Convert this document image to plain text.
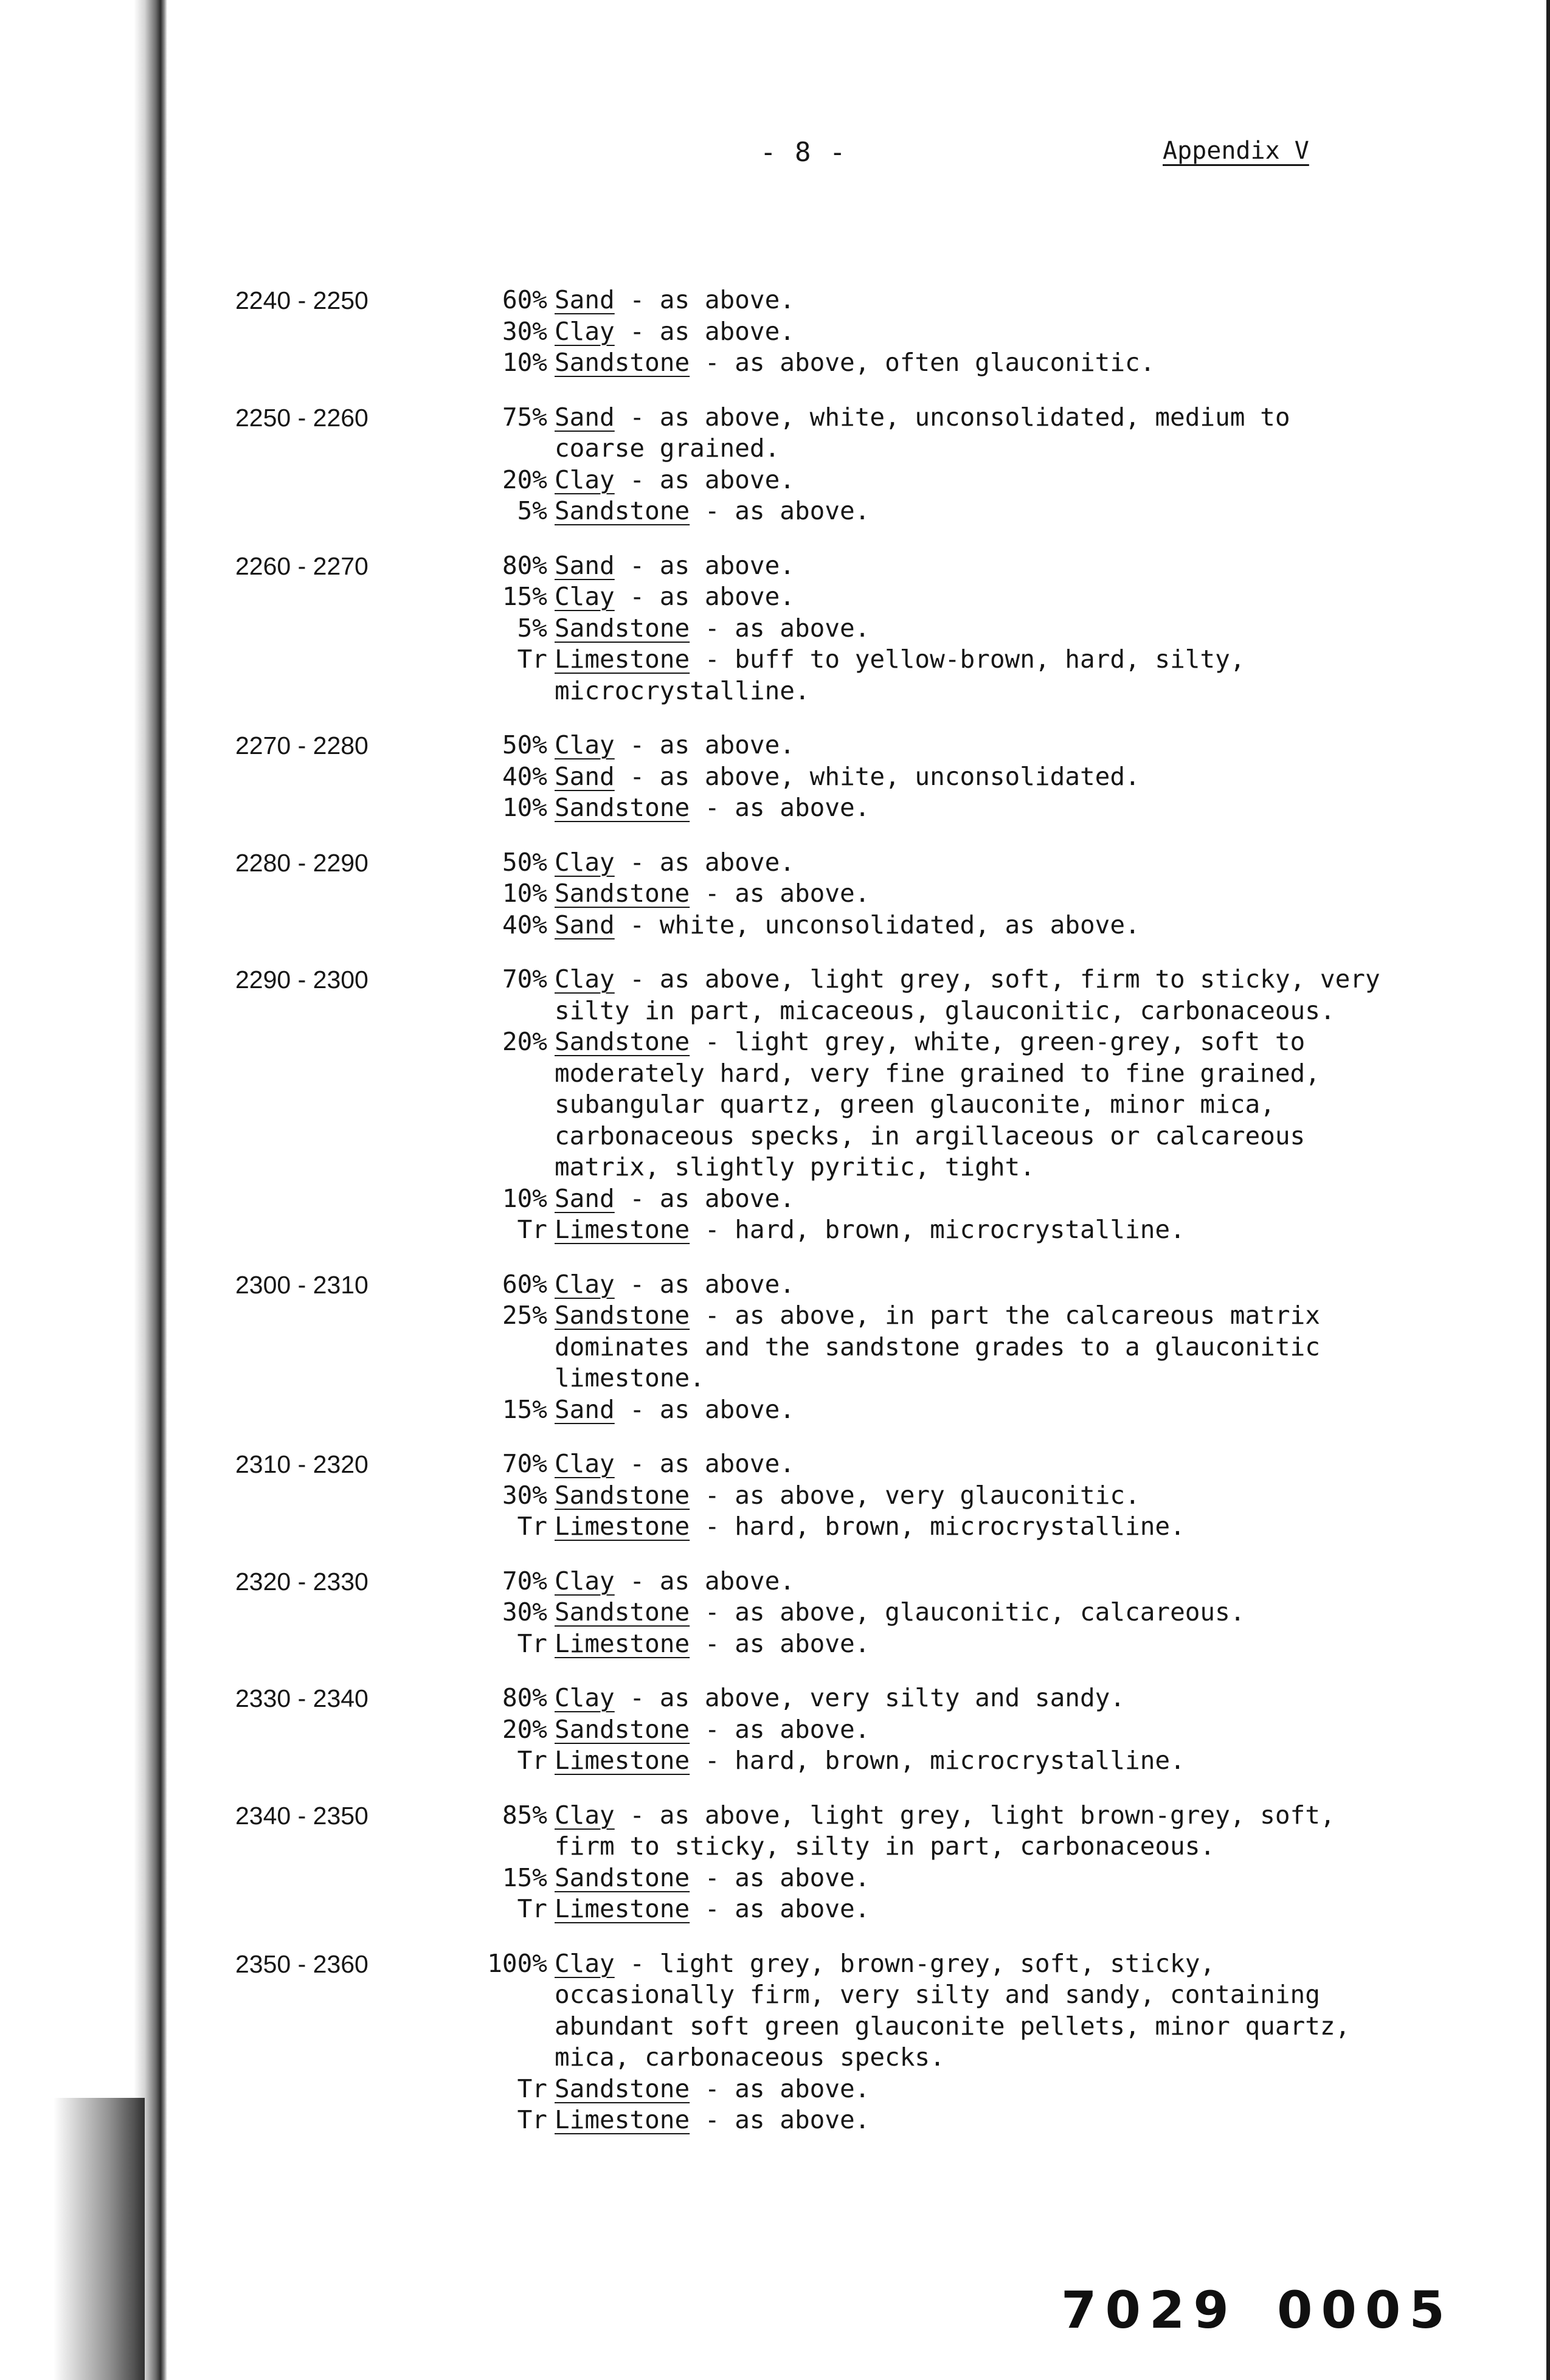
- 8 -	Appendix V
2240 - 2250	60% Sand - as above.
30% Clay - as above.
10% Sandstone - as above, often glauconitic.
2250 - 2260	75% Sand - as above, white, unconsolidated, medium to
coarse grained.
20% Clay - as above.
5% Sandstone - as above.
2260 - 2270	80% Sand - as above.
15% Clay - as above.
5% Sandstone - as above.
Tr Limestone - buff to yellow-brown, hard, silty,
microcrystalline.
2270 - 2280	50% Clay - as above.
40% Sand - as above, white, unconsolidated.
10% Sandstone - as above.
2280 - 2290	50% Clay - as above.
10% Sandstone - as above.
40% Sand - white, unconsolidated, as above.
2290 - 2300	70% Clay - as above, light grey, soft, firm to sticky, very
silty in part, micaceous, glauconitic, carbonaceous.
20% Sandstone - light grey, white, green-grey, soft to
moderately hard, very fine grained to fine grained,
subangular quartz, green glauconite, minor mica,
carbonaceous specks, in argillaceous or calcareous
matrix, slightly pyritic, tight.
10% Sand - as above.
Tr Limestone - hard, brown, microcrystalline.
2300 - 2310	60% Clay - as above.
25% Sandstone - as above, in part the calcareous matrix
dominates and the sandstone grades to a glauconitic
limestone.
15% Sand - as above.
2310 - 2320	70% Clay - as above.
30% Sandstone - as above, very glauconitic.
Tr Limestone - hard, brown, microcrystalline.
2320 - 2330	70% Clay - as above.
30% Sandstone - as above, glauconitic, calcareous.
Tr Limestone - as above.
2330 - 2340	80% Clay - as above, very silty and sandy.
20% Sandstone - as above.
Tr Limestone - hard, brown, microcrystalline.
2340 - 2350	85% Clay - as above, light grey, light brown-grey, soft,
firm to sticky, silty in part, carbonaceous.
15% Sandstone - as above.
Tr Limestone - as above.
2350 - 2360	100% Clay - light grey, brown-grey, soft, sticky,
occasionally firm, very silty and sandy, containing
abundant soft green glauconite pellets, minor quartz,
mica, carbonaceous specks.
Tr Sandstone - as above.
Tr Limestone - as above.
7029 0005
